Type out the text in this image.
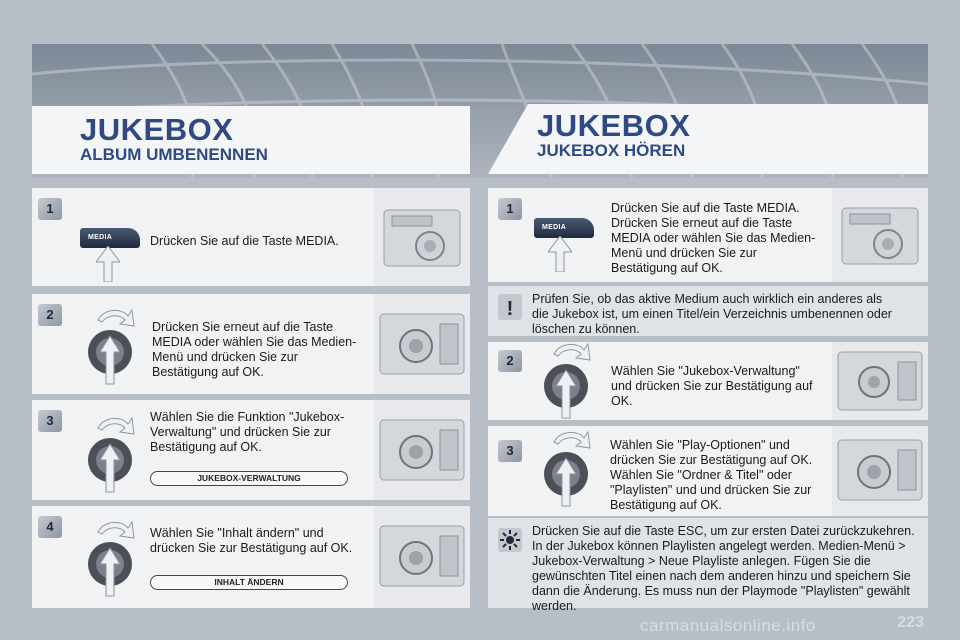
JUKEBOX
ALBUM UMBENENNEN
JUKEBOX
JUKEBOX HÖREN
1
MEDIA	Drücken Sie auf die Taste MEDIA.
2
Drücken Sie erneut auf die Taste MEDIA oder wählen Sie das Medien-Menü und drücken Sie zur Bestätigung auf OK.
3	Wählen Sie die Funktion "Jukebox-Verwaltung" und drücken Sie zur Bestätigung auf OK.
JUKEBOX-VERWALTUNG
4	Wählen Sie "Inhalt ändern" und drücken Sie zur Bestätigung auf OK.
INHALT ÄNDERN
1
MEDIA
Drücken Sie auf die Taste MEDIA. Drücken Sie erneut auf die Taste MEDIA oder wählen Sie das Medien-Menü und drücken Sie zur Bestätigung auf OK.
! Prüfen Sie, ob das aktive Medium auch wirklich ein anderes als die Jukebox ist, um einen Titel/ein Verzeichnis umbenennen oder löschen zu können.
2
Wählen Sie "Jukebox-Verwaltung" und drücken Sie zur Bestätigung auf OK.
3	Wählen Sie "Play-Optionen" und drücken Sie zur Bestätigung auf OK. Wählen Sie "Ordner & Titel" oder "Playlisten" und und drücken Sie zur Bestätigung auf OK.
Drücken Sie auf die Taste ESC, um zur ersten Datei zurückzukehren. In der Jukebox können Playlisten angelegt werden. Medien-Menü > Jukebox-Verwaltung > Neue Playliste anlegen. Fügen Sie die gewünschten Titel einen nach dem anderen hinzu und speichern Sie dann die Änderung. Es muss nun der Playmode "Playlisten" gewählt werden.
carmanualsonline.info	223
